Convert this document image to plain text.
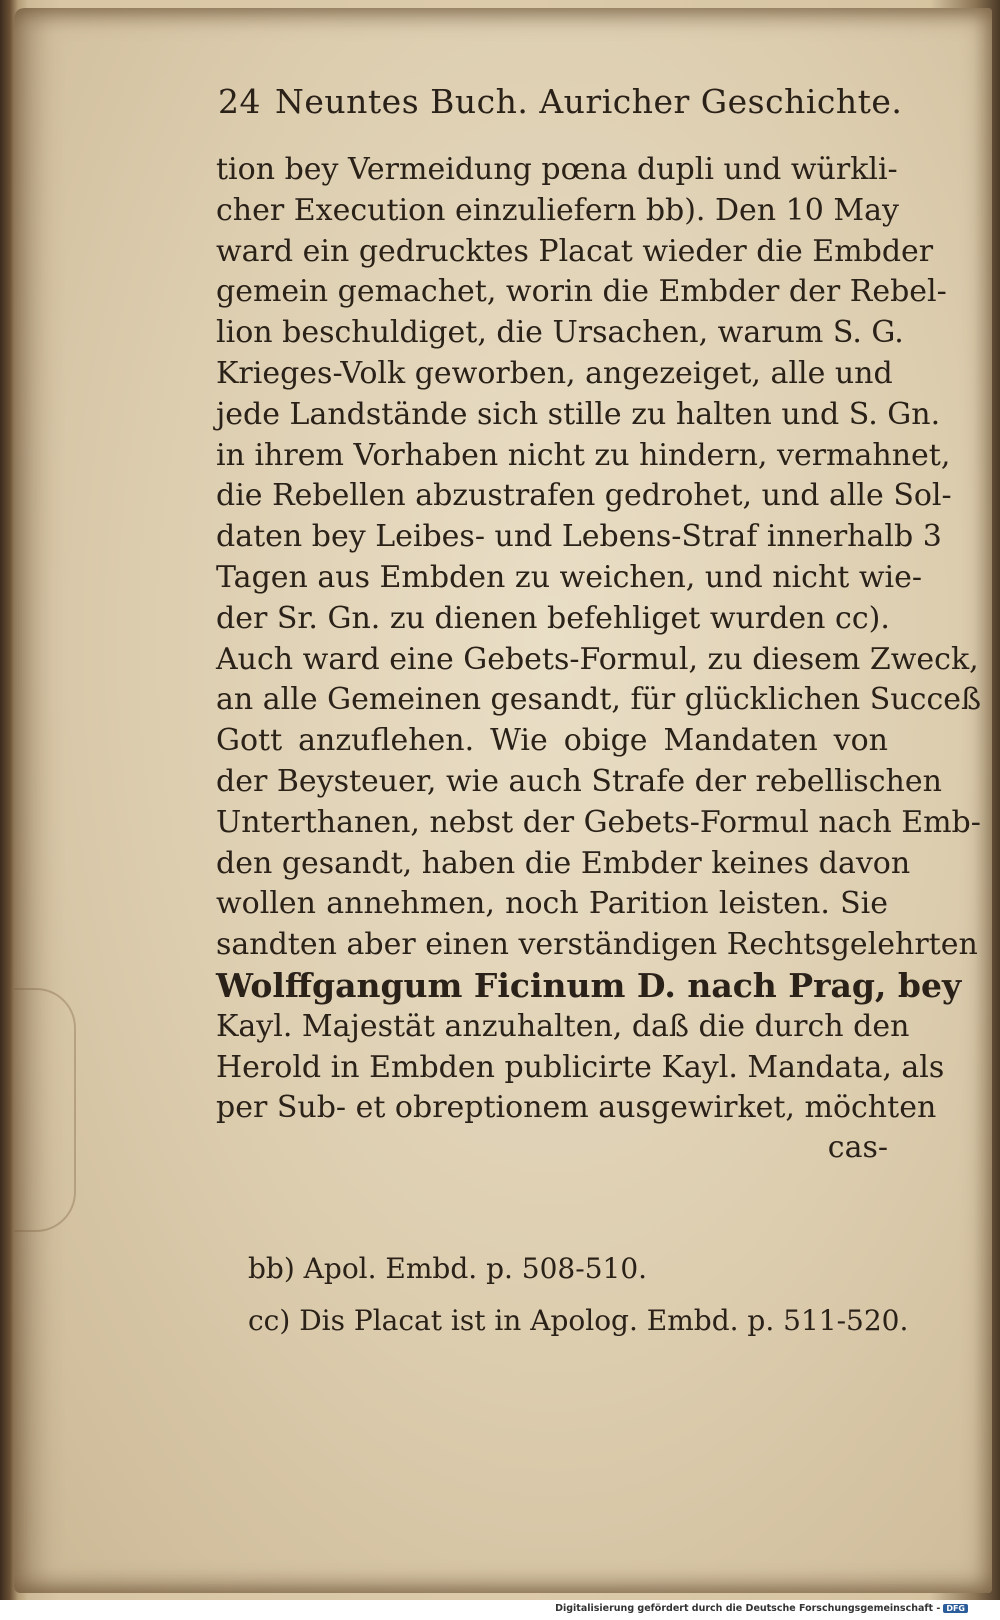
24 Neuntes Buch. Auricher Geschichte.
tion bey Vermeidung pœna dupli und würkli-
cher Execution einzuliefern bb). Den 10 May
ward ein gedrucktes Placat wieder die Embder
gemein gemachet, worin die Embder der Rebel-
lion beschuldiget, die Ursachen, warum S. G.
Krieges-Volk geworben, angezeiget, alle und
jede Landstände sich stille zu halten und S. Gn.
in ihrem Vorhaben nicht zu hindern, vermahnet,
die Rebellen abzustrafen gedrohet, und alle Sol-
daten bey Leibes- und Lebens-Straf innerhalb 3
Tagen aus Embden zu weichen, und nicht wie-
der Sr. Gn. zu dienen befehliget wurden cc).
Auch ward eine Gebets-Formul, zu diesem Zweck,
an alle Gemeinen gesandt, für glücklichen Succeß
Gott anzuflehen. Wie obige Mandaten von
der Beysteuer, wie auch Strafe der rebellischen
Unterthanen, nebst der Gebets-Formul nach Emb-
den gesandt, haben die Embder keines davon
wollen annehmen, noch Parition leisten. Sie
sandten aber einen verständigen Rechtsgelehrten
Wolffgangum Ficinum D. nach Prag, bey
Kayl. Majestät anzuhalten, daß die durch den
Herold in Embden publicirte Kayl. Mandata, als
per Sub- et obreptionem ausgewirket, möchten
cas-
bb) Apol. Embd. p. 508-510.
cc) Dis Placat ist in Apolog. Embd. p. 511-520.
Digitalisierung gefördert durch die Deutsche Forschungsgemeinschaft - DFG
